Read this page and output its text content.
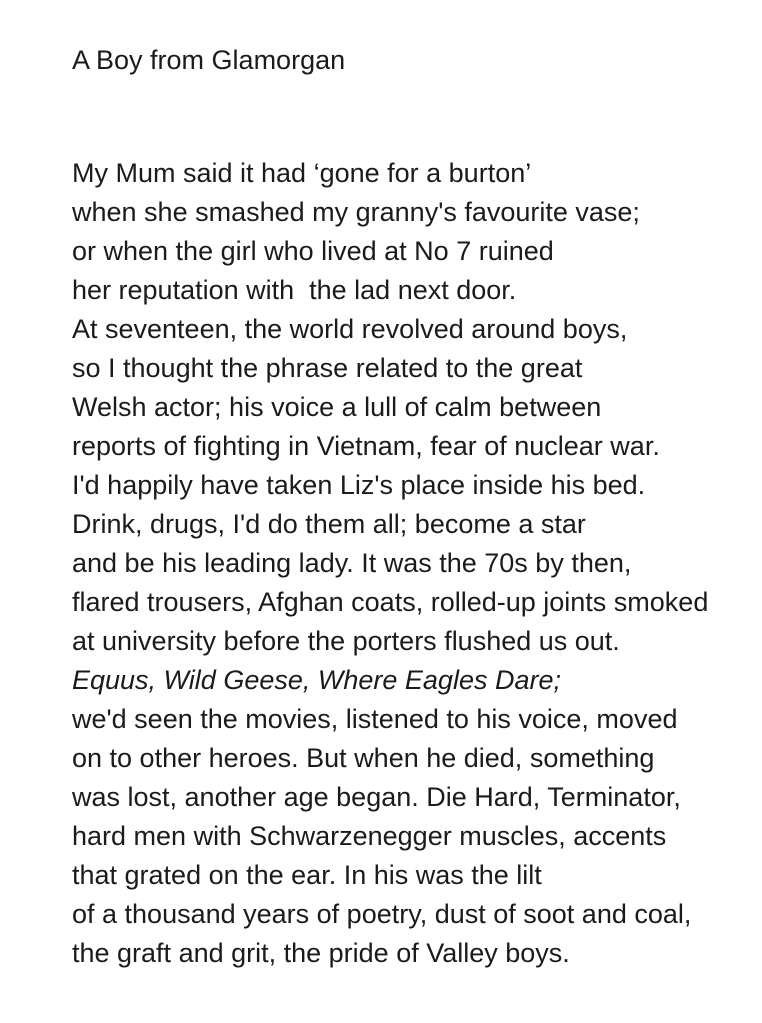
A Boy from Glamorgan
My Mum said it had ‘gone for a burton’
when she smashed my granny's favourite vase;
or when the girl who lived at No 7 ruined
her reputation with  the lad next door.
At seventeen, the world revolved around boys,
so I thought the phrase related to the great
Welsh actor; his voice a lull of calm between
reports of fighting in Vietnam, fear of nuclear war.
I'd happily have taken Liz's place inside his bed.
Drink, drugs, I'd do them all; become a star
and be his leading lady. It was the 70s by then,
flared trousers, Afghan coats, rolled-up joints smoked
at university before the porters flushed us out.
Equus, Wild Geese, Where Eagles Dare;
we'd seen the movies, listened to his voice, moved
on to other heroes. But when he died, something
was lost, another age began. Die Hard, Terminator,
hard men with Schwarzenegger muscles, accents
that grated on the ear. In his was the lilt
of a thousand years of poetry, dust of soot and coal,
the graft and grit, the pride of Valley boys.
